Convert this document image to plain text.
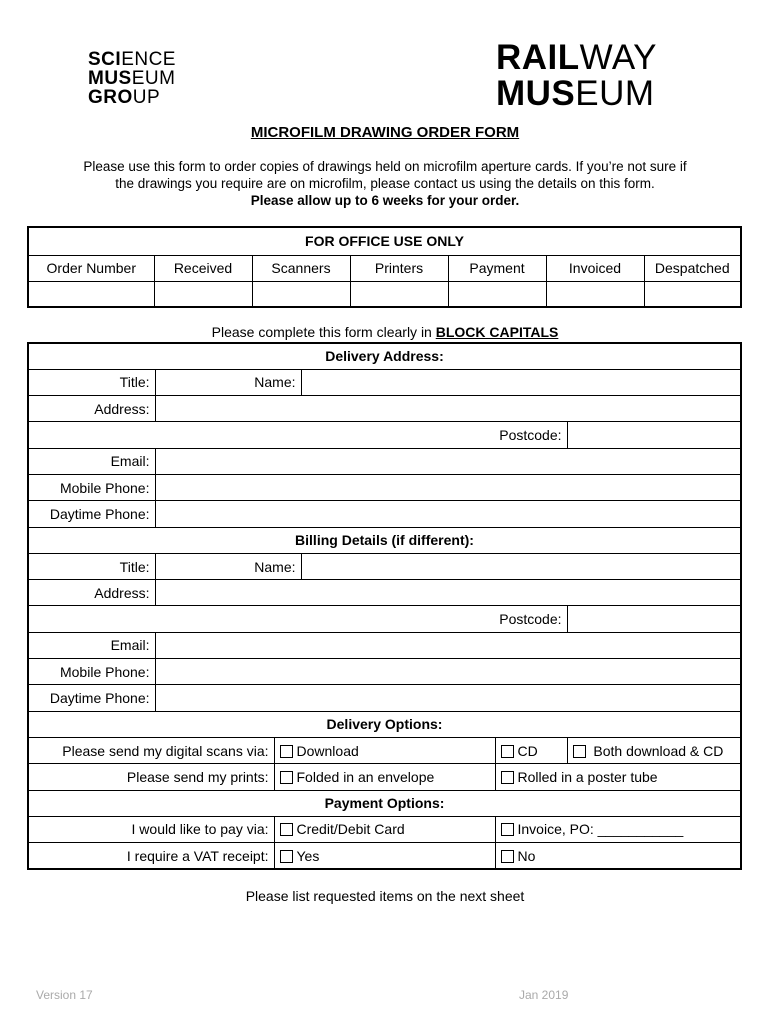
SCIENCE
MUSEUM
GROUP
RAILWAY
MUSEUM
MICROFILM DRAWING ORDER FORM
Please use this form to order copies of drawings held on microfilm aperture cards. If you’re not sure if
the drawings you require are on microfilm, please contact us using the details on this form.
Please allow up to 6 weeks for your order.
FOR OFFICE USE ONLY						
Order Number	Received	Scanners	Printers	Payment	Invoiced	Despatched

Please complete this form clearly in BLOCK CAPITALS
Delivery Address:					
Title:	Name:				
Address:					
Postcode:					
Email:					
Mobile Phone:					
Daytime Phone:					
Billing Details (if different):					
Title:	Name:				
Address:					
Postcode:					
Email:					
Mobile Phone:					
Daytime Phone:					
Delivery Options:					
Please send my digital scans via:		Download		CD	Both download & CD
Please send my prints:		Folded in an envelope		Rolled in a poster tube	
Payment Options:					
I would like to pay via:		Credit/Debit Card		Invoice, PO: ___________	
I require a VAT receipt:		Yes		No	
Please list requested items on the next sheet
Version 17	Jan 2019
